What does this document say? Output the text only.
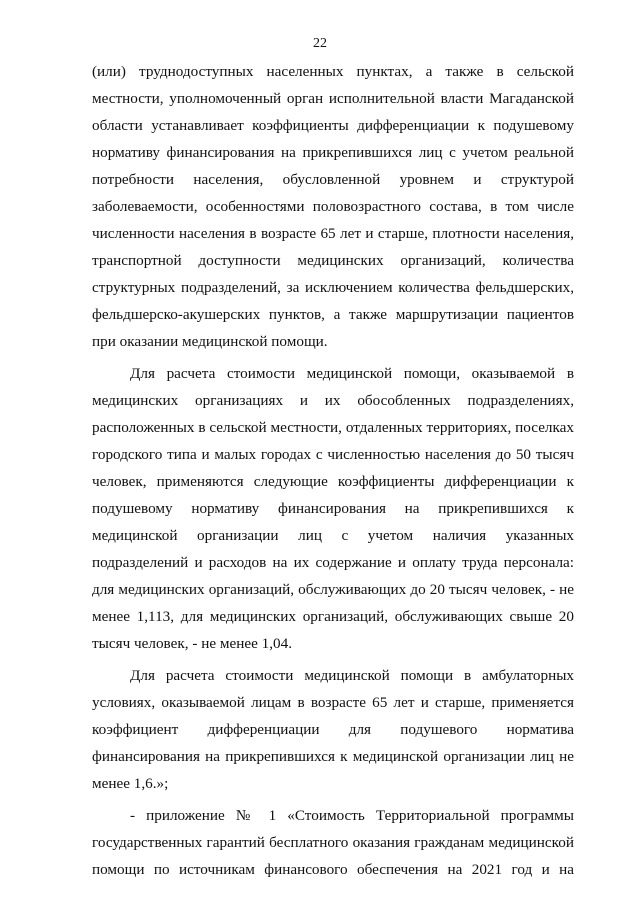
22

(или) труднодоступных населенных пунктах, а также в сельской
местности, уполномоченный орган исполнительной власти Магаданской
области устанавливает коэффициенты дифференциации к подушевому
нормативу финансирования на прикрепившихся лиц с учетом реальной
потребности населения, обусловленной уровнем и структурой
заболеваемости, особенностями половозрастного состава, в том числе
численности населения в возрасте 65 лет и старше, плотности населения,
транспортной доступности медицинских организаций, количества
структурных подразделений, за исключением количества фельдшерских,
фельдшерско-акушерских пунктов, а также маршрутизации пациентов
при оказании медицинской помощи.

Для расчета стоимости медицинской помощи, оказываемой в
медицинских организациях и их обособленных подразделениях,
расположенных в сельской местности, отдаленных территориях, поселках
городского типа и малых городах с численностью населения до 50 тысяч
человек, применяются следующие коэффициенты дифференциации к
подушевому нормативу финансирования на прикрепившихся к
медицинской организации лиц с учетом наличия указанных
подразделений и расходов на их содержание и оплату труда персонала:
для медицинских организаций, обслуживающих до 20 тысяч человек, - не
менее 1,113, для медицинских организаций, обслуживающих свыше 20
тысяч человек, - не менее 1,04.

Для расчета стоимости медицинской помощи в амбулаторных
условиях, оказываемой лицам в возрасте 65 лет и старше, применяется
коэффициент дифференциации для подушевого норматива
финансирования на прикрепившихся к медицинской организации лиц не
менее 1,6.»;

- приложение № 1 «Стоимость Территориальной программы
государственных гарантий бесплатного оказания гражданам медицинской
помощи по источникам финансового обеспечения на 2021 год и на
